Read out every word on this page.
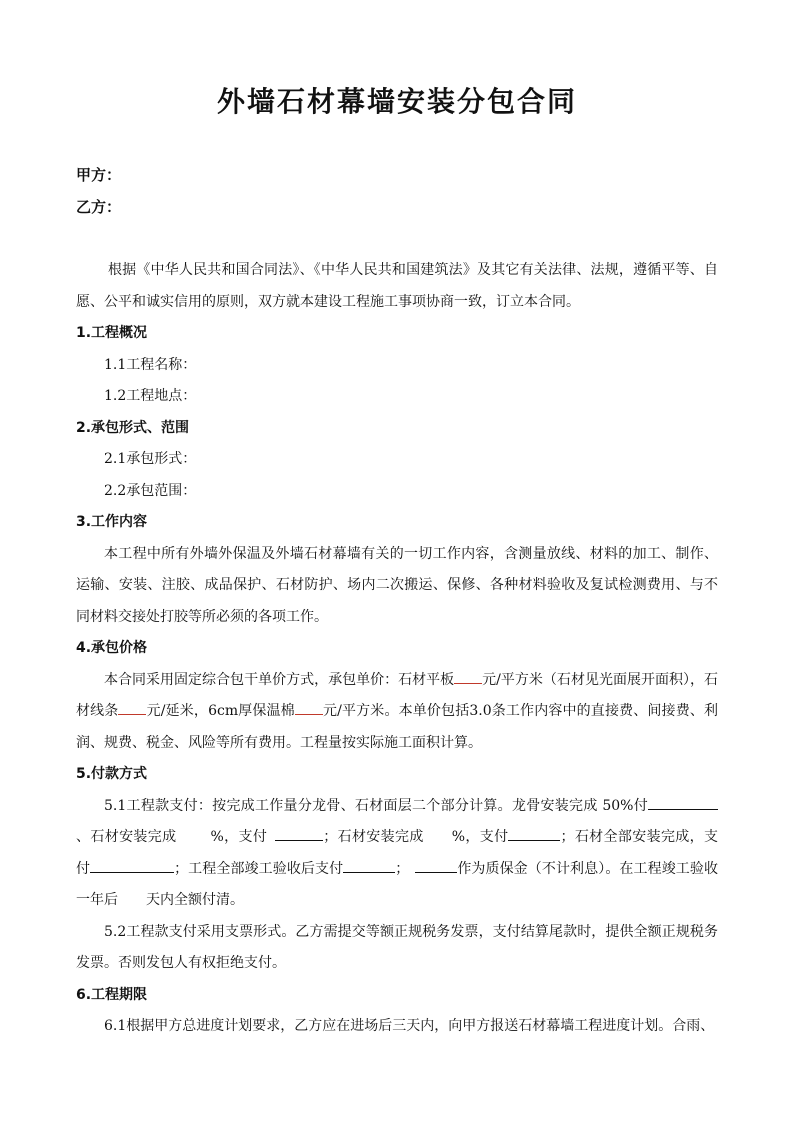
外墙石材幕墙安装分包合同
甲方：
乙方：

根据《中华人民共和国合同法》、《中华人民共和国建筑法》及其它有关法律、法规，遵循平等、自愿、公平和诚实信用的原则，双方就本建设工程施工事项协商一致，订立本合同。

1.工程概况

1.1工程名称：

1.2工程地点：

2.承包形式、范围

2.1承包形式：

2.2承包范围：

3.工作内容

本工程中所有外墙外保温及外墙石材幕墙有关的一切工作内容，含测量放线、材料的加工、制作、运输、安装、注胶、成品保护、石材防护、场内二次搬运、保修、各种材料验收及复试检测费用、与不同材料交接处打胶等所必须的各项工作。

4.承包价格

本合同采用固定综合包干单价方式，承包单价：石材平板 元/平方米（石材见光面展开面积），石材线条 元/延米，6cm厚保温棉 元/平方米。本单价包括3.0条工作内容中的直接费、间接费、利润、规费、税金、风险等所有费用。工程量按实际施工面积计算。

5.付款方式

5.1工程款支付：按完成工作量分龙骨、石材面层二个部分计算。龙骨安装完成 50%付、石材安装完成 %，支付	；石材安装完成 %，支付	；石材全部安装完成，支付	；工程全部竣工验收后支付	；	作为质保金（不计利息）。在工程竣工验收一年后 天内全额付清。

5.2工程款支付采用支票形式。乙方需提交等额正规税务发票，支付结算尾款时，提供全额正规税务发票。否则发包人有权拒绝支付。

6.工程期限

6.1根据甲方总进度计划要求，乙方应在进场后三天内，向甲方报送石材幕墙工程进度计划。合雨、
